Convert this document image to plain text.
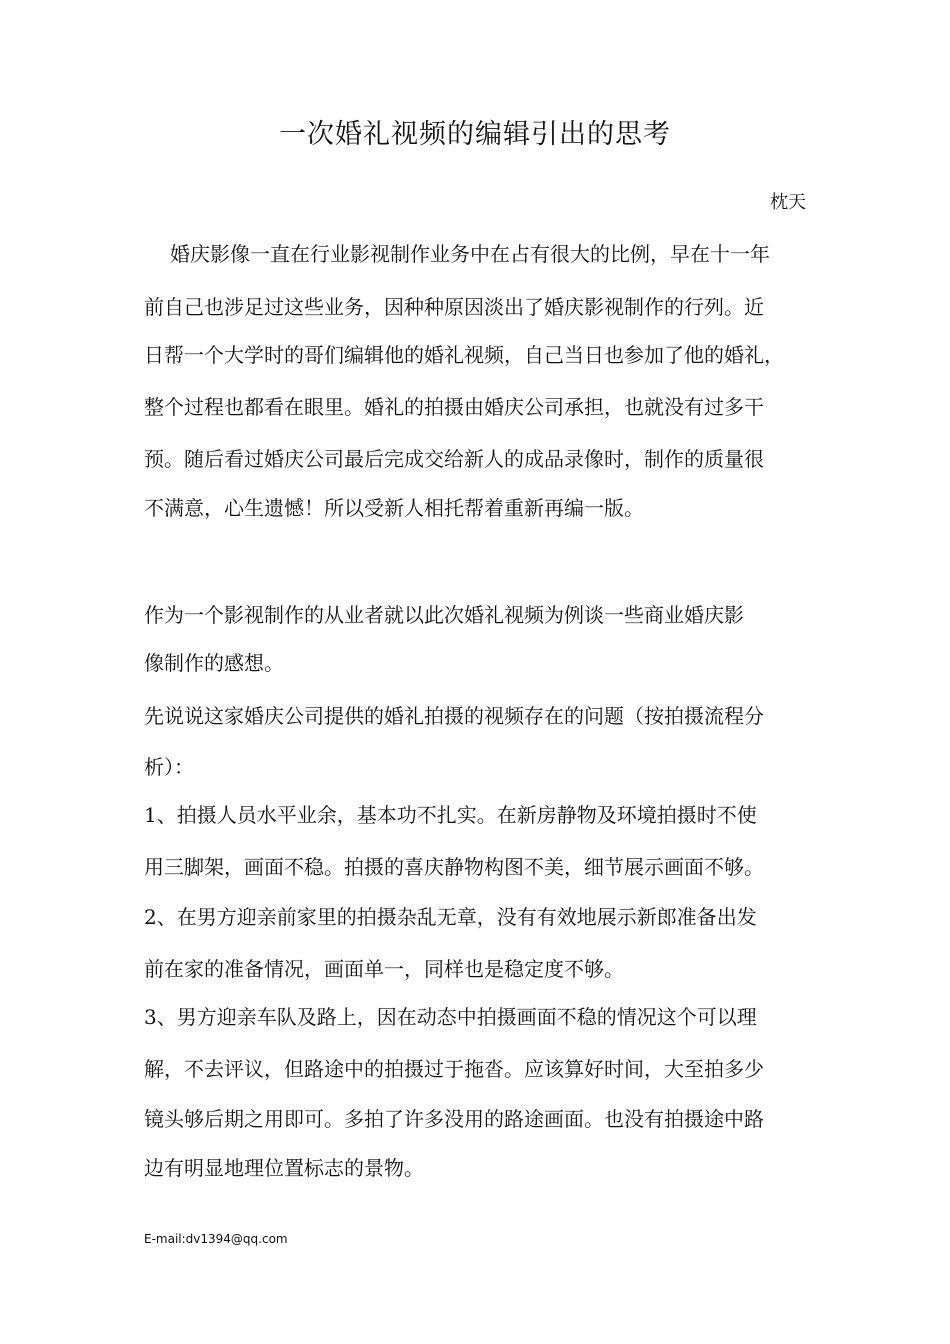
一次婚礼视频的编辑引出的思考

枕天

婚庆影像一直在行业影视制作业务中在占有很大的比例，早在十一年

前自己也涉足过这些业务，因种种原因淡出了婚庆影视制作的行列。近

日帮一个大学时的哥们编辑他的婚礼视频，自己当日也参加了他的婚礼，

整个过程也都看在眼里。婚礼的拍摄由婚庆公司承担，也就没有过多干

预。随后看过婚庆公司最后完成交给新人的成品录像时，制作的质量很

不满意，心生遗憾！所以受新人相托帮着重新再编一版。

作为一个影视制作的从业者就以此次婚礼视频为例谈一些商业婚庆影

像制作的感想。

先说说这家婚庆公司提供的婚礼拍摄的视频存在的问题（按拍摄流程分

析）：

1、拍摄人员水平业余，基本功不扎实。在新房静物及环境拍摄时不使

用三脚架，画面不稳。拍摄的喜庆静物构图不美，细节展示画面不够。

2、在男方迎亲前家里的拍摄杂乱无章，没有有效地展示新郎准备出发

前在家的准备情况，画面单一，同样也是稳定度不够。

3、男方迎亲车队及路上，因在动态中拍摄画面不稳的情况这个可以理

解，不去评议，但路途中的拍摄过于拖沓。应该算好时间，大至拍多少

镜头够后期之用即可。多拍了许多没用的路途画面。也没有拍摄途中路

边有明显地理位置标志的景物。

E-mail:dv1394@qq.com
